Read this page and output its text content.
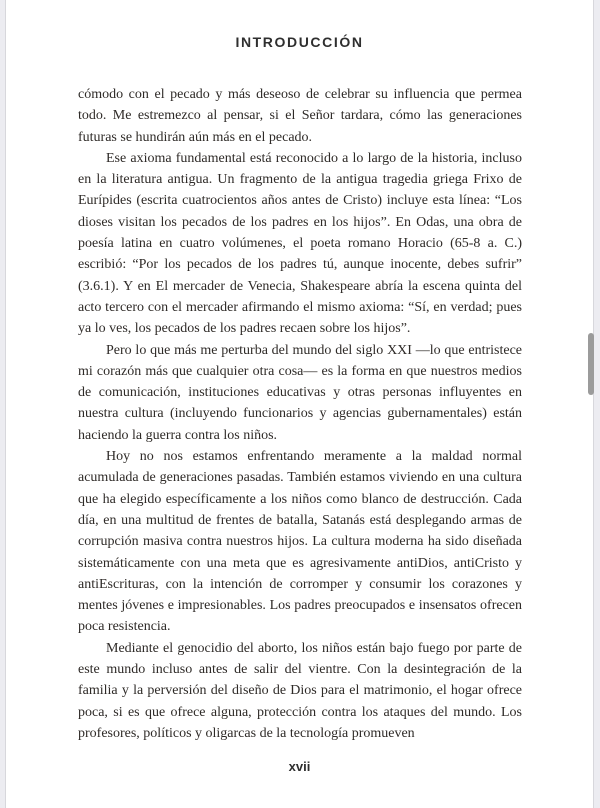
INTRODUCCIÓN

cómodo con el pecado y más deseoso de celebrar su influencia que permea todo. Me estremezco al pensar, si el Señor tardara, cómo las generaciones futuras se hundirán aún más en el pecado.

Ese axioma fundamental está reconocido a lo largo de la historia, incluso en la literatura antigua. Un fragmento de la antigua tragedia griega Frixo de Eurípides (escrita cuatrocientos años antes de Cristo) incluye esta línea: “Los dioses visitan los pecados de los padres en los hijos”. En Odas, una obra de poesía latina en cuatro volúmenes, el poeta romano Horacio (65-8 a. C.) escribió: “Por los pecados de los padres tú, aunque inocente, debes sufrir” (3.6.1). Y en El mercader de Venecia, Shakespeare abría la escena quinta del acto tercero con el mercader afirmando el mismo axioma: “Sí, en verdad; pues ya lo ves, los pecados de los padres recaen sobre los hijos”.

Pero lo que más me perturba del mundo del siglo XXI —lo que entristece mi corazón más que cualquier otra cosa— es la forma en que nuestros medios de comunicación, instituciones educativas y otras personas influyentes en nuestra cultura (incluyendo funcionarios y agencias gubernamentales) están haciendo la guerra contra los niños.

Hoy no nos estamos enfrentando meramente a la maldad normal acumulada de generaciones pasadas. También estamos viviendo en una cultura que ha elegido específicamente a los niños como blanco de destrucción. Cada día, en una multitud de frentes de batalla, Satanás está desplegando armas de corrupción masiva contra nuestros hijos. La cultura moderna ha sido diseñada sistemáticamente con una meta que es agresivamente antiDios, antiCristo y antiEscrituras, con la intención de corromper y consumir los corazones y mentes jóvenes e impresionables. Los padres preocupados e insensatos ofrecen poca resistencia.

Mediante el genocidio del aborto, los niños están bajo fuego por parte de este mundo incluso antes de salir del vientre. Con la desintegración de la familia y la perversión del diseño de Dios para el matrimonio, el hogar ofrece poca, si es que ofrece alguna, protección contra los ataques del mundo. Los profesores, políticos y oligarcas de la tecnología promueven

xvii
